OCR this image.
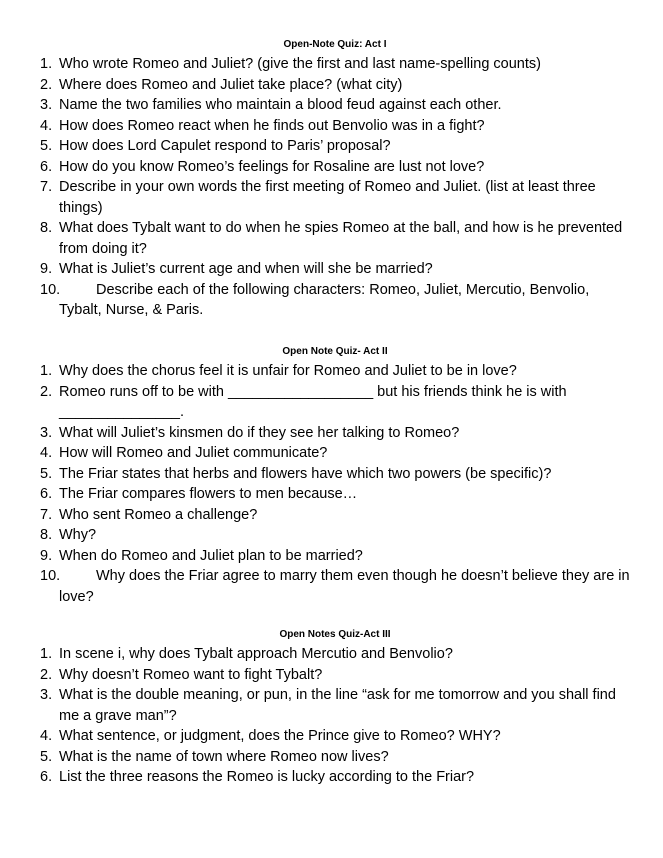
Open-Note Quiz: Act I
1. Who wrote Romeo and Juliet? (give the first and last name-spelling counts)
2. Where does Romeo and Juliet take place? (what city)
3. Name the two families who maintain a blood feud against each other.
4. How does Romeo react when he finds out Benvolio was in a fight?
5. How does Lord Capulet respond to Paris’ proposal?
6. How do you know Romeo’s feelings for Rosaline are lust not love?
7. Describe in your own words the first meeting of Romeo and Juliet. (list at least three things)
8. What does Tybalt want to do when he spies Romeo at the ball, and how is he prevented from doing it?
9. What is Juliet’s current age and when will she be married?
10.	Describe each of the following characters: Romeo, Juliet, Mercutio, Benvolio, Tybalt, Nurse, & Paris.
Open Note Quiz- Act II
1. Why does the chorus feel it is unfair for Romeo and Juliet to be in love?
2. Romeo runs off to be with __________________ but his friends think he is with _______________.
3. What will Juliet’s kinsmen do if they see her talking to Romeo?
4. How will Romeo and Juliet communicate?
5. The Friar states that herbs and flowers have which two powers (be specific)?
6. The Friar compares flowers to men because…
7. Who sent Romeo a challenge?
8. Why?
9. When do Romeo and Juliet plan to be married?
10.	Why does the Friar agree to marry them even though he doesn’t believe they are in love?
Open Notes Quiz-Act III
1. In scene i, why does Tybalt approach Mercutio and Benvolio?
2. Why doesn’t Romeo want to fight Tybalt?
3. What is the double meaning, or pun, in the line “ask for me tomorrow and you shall find me a grave man”?
4. What sentence, or judgment, does the Prince give to Romeo? WHY?
5. What is the name of town where Romeo now lives?
6. List the three reasons the Romeo is lucky according to the Friar?
